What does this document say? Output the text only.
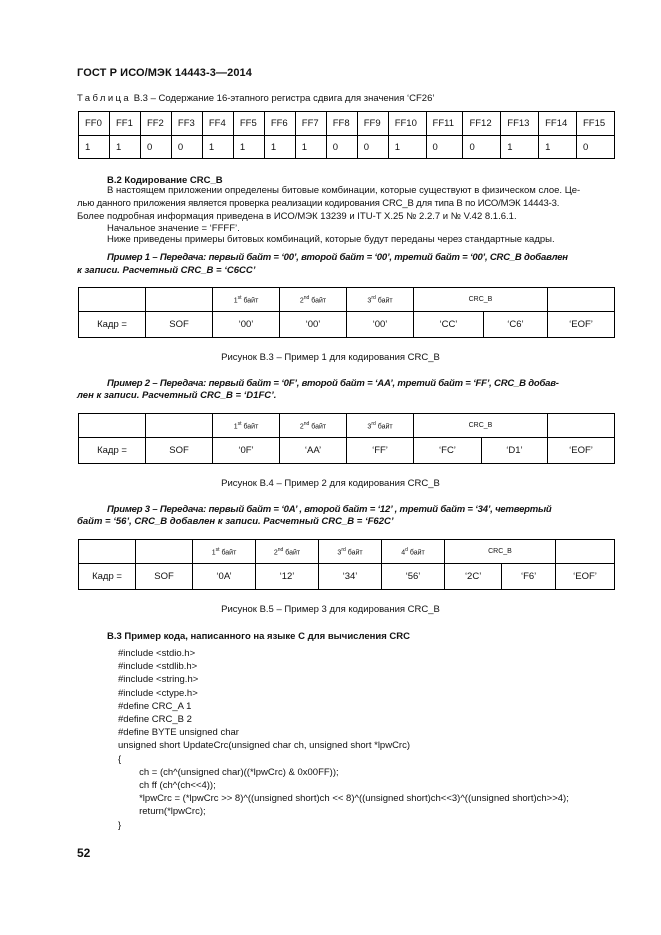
ГОСТ Р ИСО/МЭК 14443-3—2014
Таблица В.3 – Содержание 16-этапного регистра сдвига для значения ‘CF26’
FF0	FF1	FF2	FF3	FF4	FF5	FF6	FF7	FF8	FF9	FF10	FF11	FF12	FF13	FF14	FF15
1	1	0	0	1	1	1	1	0	0	1	0	0	1	1	0
В.2 Кодирование CRC_B
В настоящем приложении определены битовые комбинации, которые существуют в физическом слое. Це-
лью данного приложения является проверка реализации кодирования CRC_B для типа В по ИСО/МЭК 14443-3.
Более подробная информация приведена в ИСО/МЭК 13239 и ITU-T X.25 № 2.2.7 и № V.42 8.1.6.1.
Начальное значение = ‘FFFF’.
Ниже приведены примеры битовых комбинаций, которые будут переданы через стандартные кадры.
Пример 1 – Передача: первый байт = ‘00’, второй байт = ‘00’, третий байт = ‘00’, CRC_B добавлен
к записи. Расчетный CRC_B = ‘C6CC’
		1st байт	2nd байт	3rd байт	CRC_B		
Кадр =	SOF	‘00’	‘00’	‘00’	‘CC’	‘C6’	‘EOF’
Рисунок В.3 – Пример 1 для кодирования CRC_B
Пример 2 – Передача: первый байт = ‘0F’, второй байт = ‘AA’, третий байт = ‘FF’, CRC_B добав-
лен к записи. Расчетный CRC_B = ‘D1FC’.
		1st байт	2nd байт	3rd байт	CRC_B		
Кадр =	SOF	‘0F’	‘AA’	‘FF’	‘FC’	‘D1’	‘EOF’
Рисунок В.4 – Пример 2 для кодирования CRC_B
Пример 3 – Передача: первый байт = ‘0A’ , второй байт = ‘12’ , третий байт = ‘34’, четвертый
байт = ‘56’, CRC_B добавлен к записи. Расчетный CRC_B = ‘F62C’
		1st байт	2nd байт	3rd байт	4$^d$ байт	CRC_B		
Кадр =	SOF	‘0A’	‘12’	‘34’	‘56’	‘2C’	‘F6’	‘EOF’
Рисунок В.5 – Пример 3 для кодирования CRC_B
В.3 Пример кода, написанного на языке С для вычисления CRC
#include <stdio.h>
#include <stdlib.h>
#include <string.h>
#include <ctype.h>
#define CRC_A 1
#define CRC_B 2
#define BYTE unsigned char
unsigned short UpdateCrc(unsigned char ch, unsigned short *lpwCrc)
{
ch = (ch^(unsigned char)((*lpwCrc) & 0x00FF));
ch ff (ch^(ch<<4));
*lpwCrc = (*lpwCrc >> 8)^((unsigned short)ch << 8)^((unsigned short)ch<<3)^((unsigned short)ch>>4);
return(*lpwCrc);
}
52
